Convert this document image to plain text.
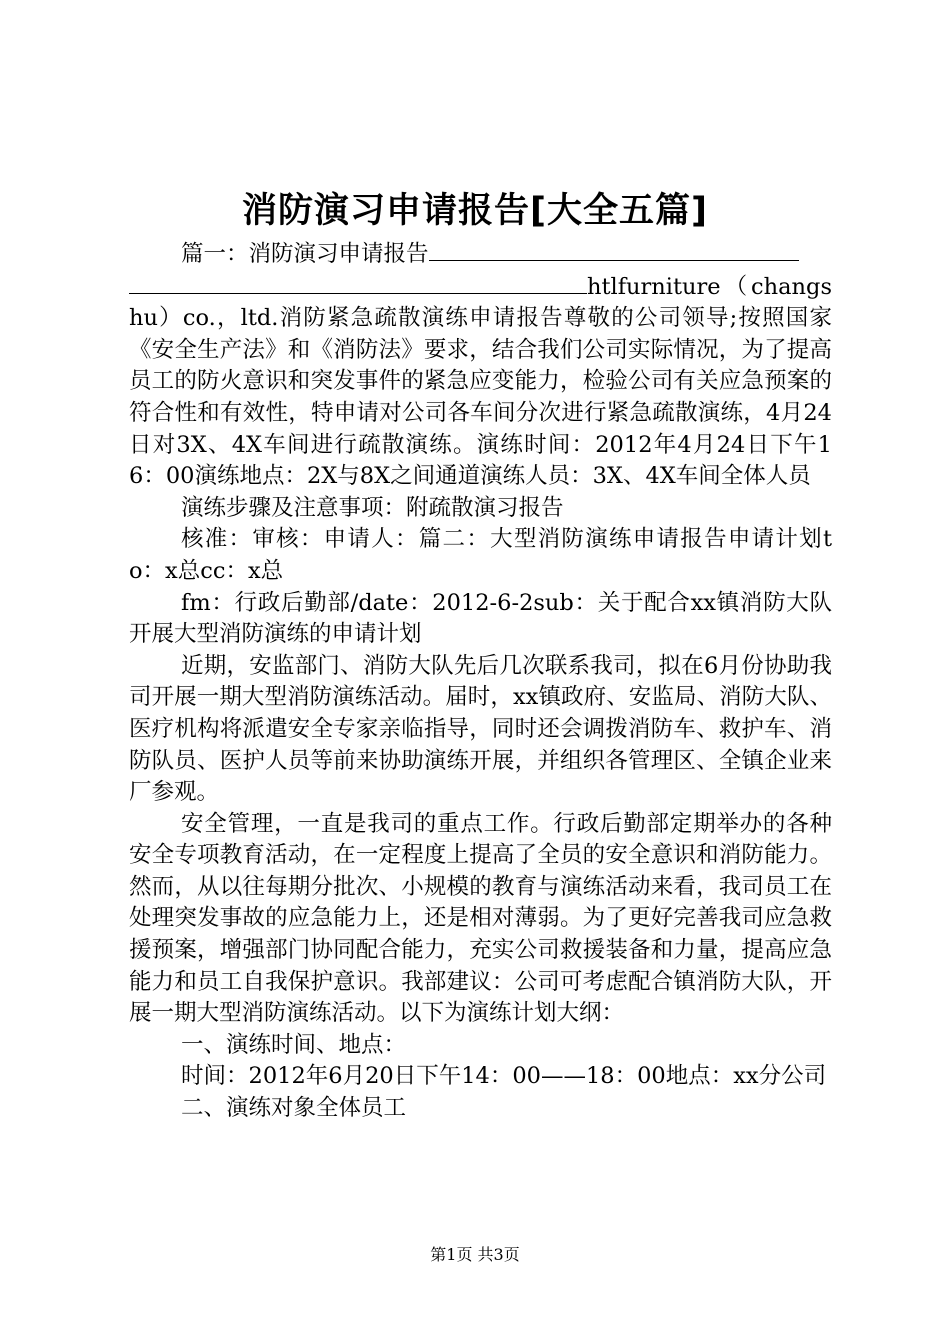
消防演习申请报告[大全五篇]

篇一：消防演习申请报告

htlfurniture（changshu）co.，ltd.消防紧急疏散演练申请报告尊敬的公司领导;按照国家《安全生产法》和《消防法》要求，结合我们公司实际情况，为了提高员工的防火意识和突发事件的紧急应变能力，检验公司有关应急预案的符合性和有效性，特申请对公司各车间分次进行紧急疏散演练，4月24日对3X、4X车间进行疏散演练。演练时间：2012年4月24日下午16：00演练地点：2X与8X之间通道演练人员：3X、4X车间全体人员

演练步骤及注意事项：附疏散演习报告

核准：审核：申请人：篇二：大型消防演练申请报告申请计划to：x总cc：x总

fm：行政后勤部/date：2012-6-2sub：关于配合xx镇消防大队开展大型消防演练的申请计划

近期，安监部门、消防大队先后几次联系我司，拟在6月份协助我司开展一期大型消防演练活动。届时，xx镇政府、安监局、消防大队、医疗机构将派遣安全专家亲临指导，同时还会调拨消防车、救护车、消防队员、医护人员等前来协助演练开展，并组织各管理区、全镇企业来厂参观。

安全管理，一直是我司的重点工作。行政后勤部定期举办的各种安全专项教育活动，在一定程度上提高了全员的安全意识和消防能力。然而，从以往每期分批次、小规模的教育与演练活动来看，我司员工在处理突发事故的应急能力上，还是相对薄弱。为了更好完善我司应急救援预案，增强部门协同配合能力，充实公司救援装备和力量，提高应急能力和员工自我保护意识。我部建议：公司可考虑配合镇消防大队，开展一期大型消防演练活动。以下为演练计划大纲：

一、演练时间、地点：

时间：2012年6月20日下午14：00——18：00地点：xx分公司

二、演练对象全体员工

第1页 共3页
